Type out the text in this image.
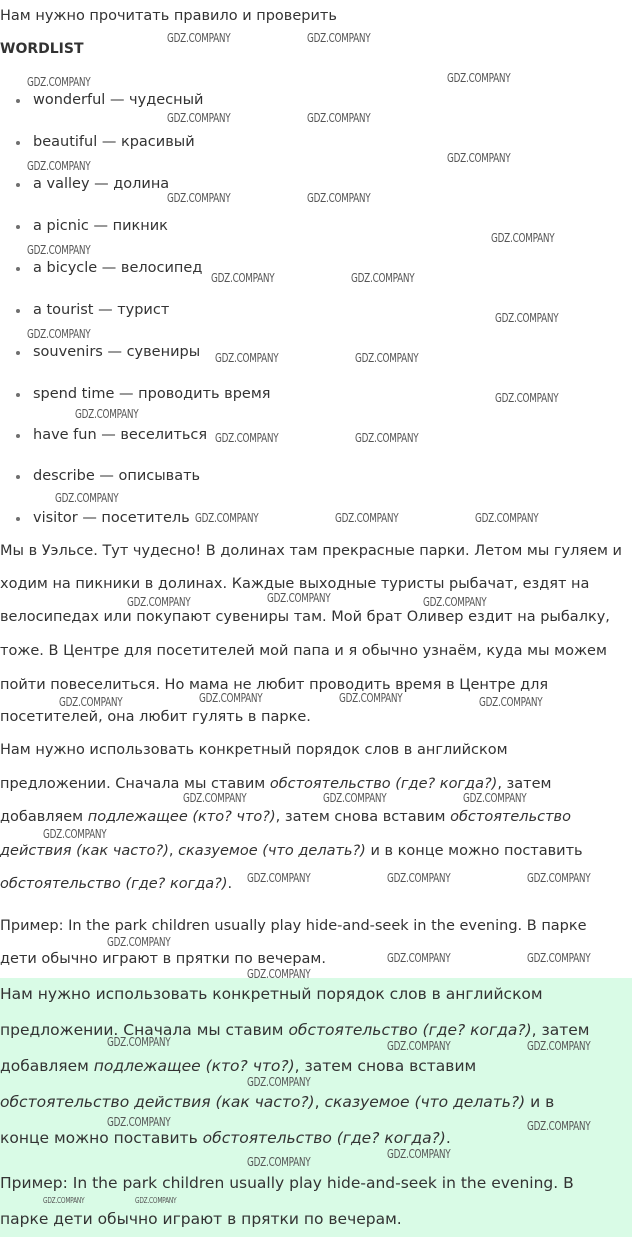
Нам нужно прочитать правило и проверить
WORDLIST
wonderful — чудесный
beautiful — красивый
a valley — долина
a picnic — пикник
a bicycle — велосипед
a tourist — турист
souvenirs — сувениры
spend time — проводить время
have fun — веселиться
describe — описывать
visitor — посетитель
Мы в Уэльсе. Тут чудесно! В долинах там прекрасные парки. Летом мы гуляем и
ходим на пикники в долинах. Каждые выходные туристы рыбачат, ездят на
велосипедах или покупают сувениры там. Мой брат Оливер ездит на рыбалку,
тоже. В Центре для посетителей мой папа и я обычно узнаём, куда мы можем
пойти повеселиться. Но мама не любит проводить время в Центре для
посетителей, она любит гулять в парке.
Нам нужно использовать конкретный порядок слов в английском
предложении. Сначала мы ставим обстоятельство (где? когда?), затем
добавляем подлежащее (кто? что?), затем снова вставим обстоятельство
действия (как часто?), сказуемое (что делать?) и в конце можно поставить
обстоятельство (где? когда?).
Пример: In the park children usually play hide-and-seek in the evening. В парке
дети обычно играют в прятки по вечерам.
Нам нужно использовать конкретный порядок слов в английском
предложении. Сначала мы ставим обстоятельство (где? когда?), затем
добавляем подлежащее (кто? что?), затем снова вставим
обстоятельство действия (как часто?), сказуемое (что делать?) и в
конце можно поставить обстоятельство (где? когда?).
Пример: In the park children usually play hide-and-seek in the evening. В
парке дети обычно играют в прятки по вечерам.
GDZ.COMPANY	GDZ.COMPANY
GDZ.COMPANY	GDZ.COMPANY
GDZ.COMPANY	GDZ.COMPANY
GDZ.COMPANY
GDZ.COMPANY
GDZ.COMPANY	GDZ.COMPANY
GDZ.COMPANY
GDZ.COMPANY
GDZ.COMPANY	GDZ.COMPANY
GDZ.COMPANY
GDZ.COMPANY
GDZ.COMPANY	GDZ.COMPANY
GDZ.COMPANY
GDZ.COMPANY
GDZ.COMPANY	GDZ.COMPANY
GDZ.COMPANY
GDZ.COMPANY	GDZ.COMPANY	GDZ.COMPANY
GDZ.COMPANY	GDZ.COMPANY	GDZ.COMPANY
GDZ.COMPANY	GDZ.COMPANY	GDZ.COMPANY	GDZ.COMPANY
GDZ.COMPANY	GDZ.COMPANY	GDZ.COMPANY
GDZ.COMPANY
GDZ.COMPANY	GDZ.COMPANY	GDZ.COMPANY
GDZ.COMPANY
GDZ.COMPANY	GDZ.COMPANY
GDZ.COMPANY
GDZ.COMPANY	GDZ.COMPANY	GDZ.COMPANY
GDZ.COMPANY
GDZ.COMPANY	GDZ.COMPANY
GDZ.COMPANY
GDZ.COMPANY
GDZ.COMPANY	GDZ.COMPANY
